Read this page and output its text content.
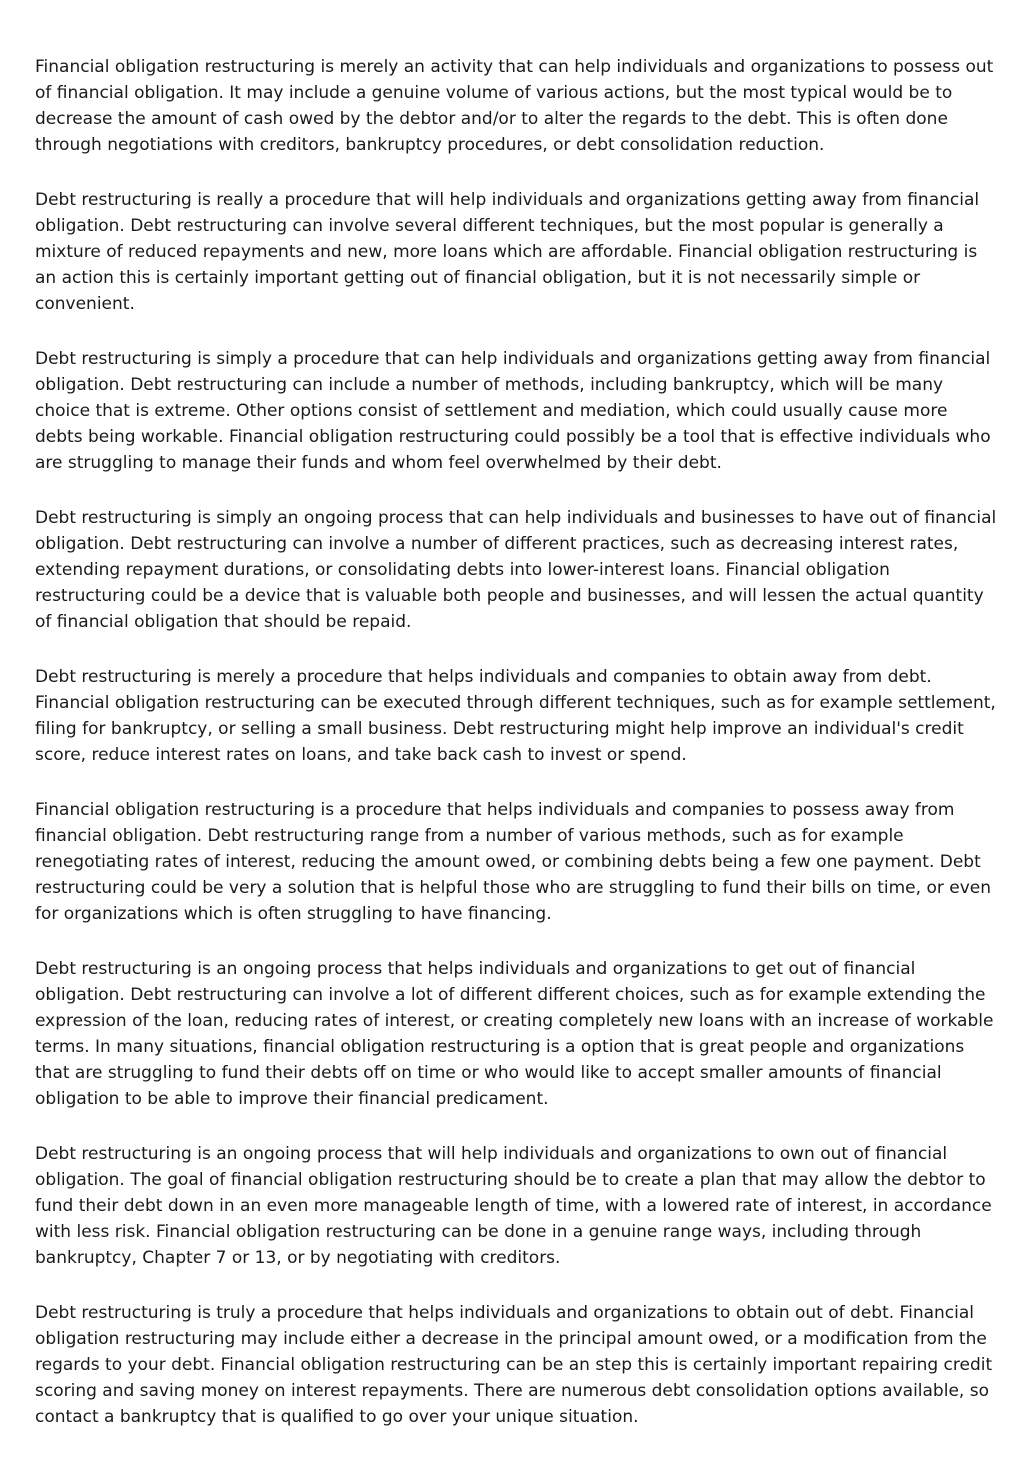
Financial obligation restructuring is merely an activity that can help individuals and organizations to possess out of financial obligation. It may include a genuine volume of various actions, but the most typical would be to decrease the amount of cash owed by the debtor and/or to alter the regards to the debt. This is often done through negotiations with creditors, bankruptcy procedures, or debt consolidation reduction.

Debt restructuring is really a procedure that will help individuals and organizations getting away from financial obligation. Debt restructuring can involve several different techniques, but the most popular is generally a mixture of reduced repayments and new, more loans which are affordable. Financial obligation restructuring is an action this is certainly important getting out of financial obligation, but it is not necessarily simple or convenient.

Debt restructuring is simply a procedure that can help individuals and organizations getting away from financial obligation. Debt restructuring can include a number of methods, including bankruptcy, which will be many choice that is extreme. Other options consist of settlement and mediation, which could usually cause more debts being workable. Financial obligation restructuring could possibly be a tool that is effective individuals who are struggling to manage their funds and whom feel overwhelmed by their debt.

Debt restructuring is simply an ongoing process that can help individuals and businesses to have out of financial obligation. Debt restructuring can involve a number of different practices, such as decreasing interest rates, extending repayment durations, or consolidating debts into lower-interest loans. Financial obligation restructuring could be a device that is valuable both people and businesses, and will lessen the actual quantity of financial obligation that should be repaid.

Debt restructuring is merely a procedure that helps individuals and companies to obtain away from debt. Financial obligation restructuring can be executed through different techniques, such as for example settlement, filing for bankruptcy, or selling a small business. Debt restructuring might help improve an individual's credit score, reduce interest rates on loans, and take back cash to invest or spend.

Financial obligation restructuring is a procedure that helps individuals and companies to possess away from financial obligation. Debt restructuring range from a number of various methods, such as for example renegotiating rates of interest, reducing the amount owed, or combining debts being a few one payment. Debt restructuring could be very a solution that is helpful those who are struggling to fund their bills on time, or even for organizations which is often struggling to have financing.

Debt restructuring is an ongoing process that helps individuals and organizations to get out of financial obligation. Debt restructuring can involve a lot of different different choices, such as for example extending the expression of the loan, reducing rates of interest, or creating completely new loans with an increase of workable terms. In many situations, financial obligation restructuring is a option that is great people and organizations that are struggling to fund their debts off on time or who would like to accept smaller amounts of financial obligation to be able to improve their financial predicament.

Debt restructuring is an ongoing process that will help individuals and organizations to own out of financial obligation. The goal of financial obligation restructuring should be to create a plan that may allow the debtor to fund their debt down in an even more manageable length of time, with a lowered rate of interest, in accordance with less risk. Financial obligation restructuring can be done in a genuine range ways, including through bankruptcy, Chapter 7 or 13, or by negotiating with creditors.

Debt restructuring is truly a procedure that helps individuals and organizations to obtain out of debt. Financial obligation restructuring may include either a decrease in the principal amount owed, or a modification from the regards to your debt. Financial obligation restructuring can be an step this is certainly important repairing credit scoring and saving money on interest repayments. There are numerous debt consolidation options available, so contact a bankruptcy that is qualified to go over your unique situation.
